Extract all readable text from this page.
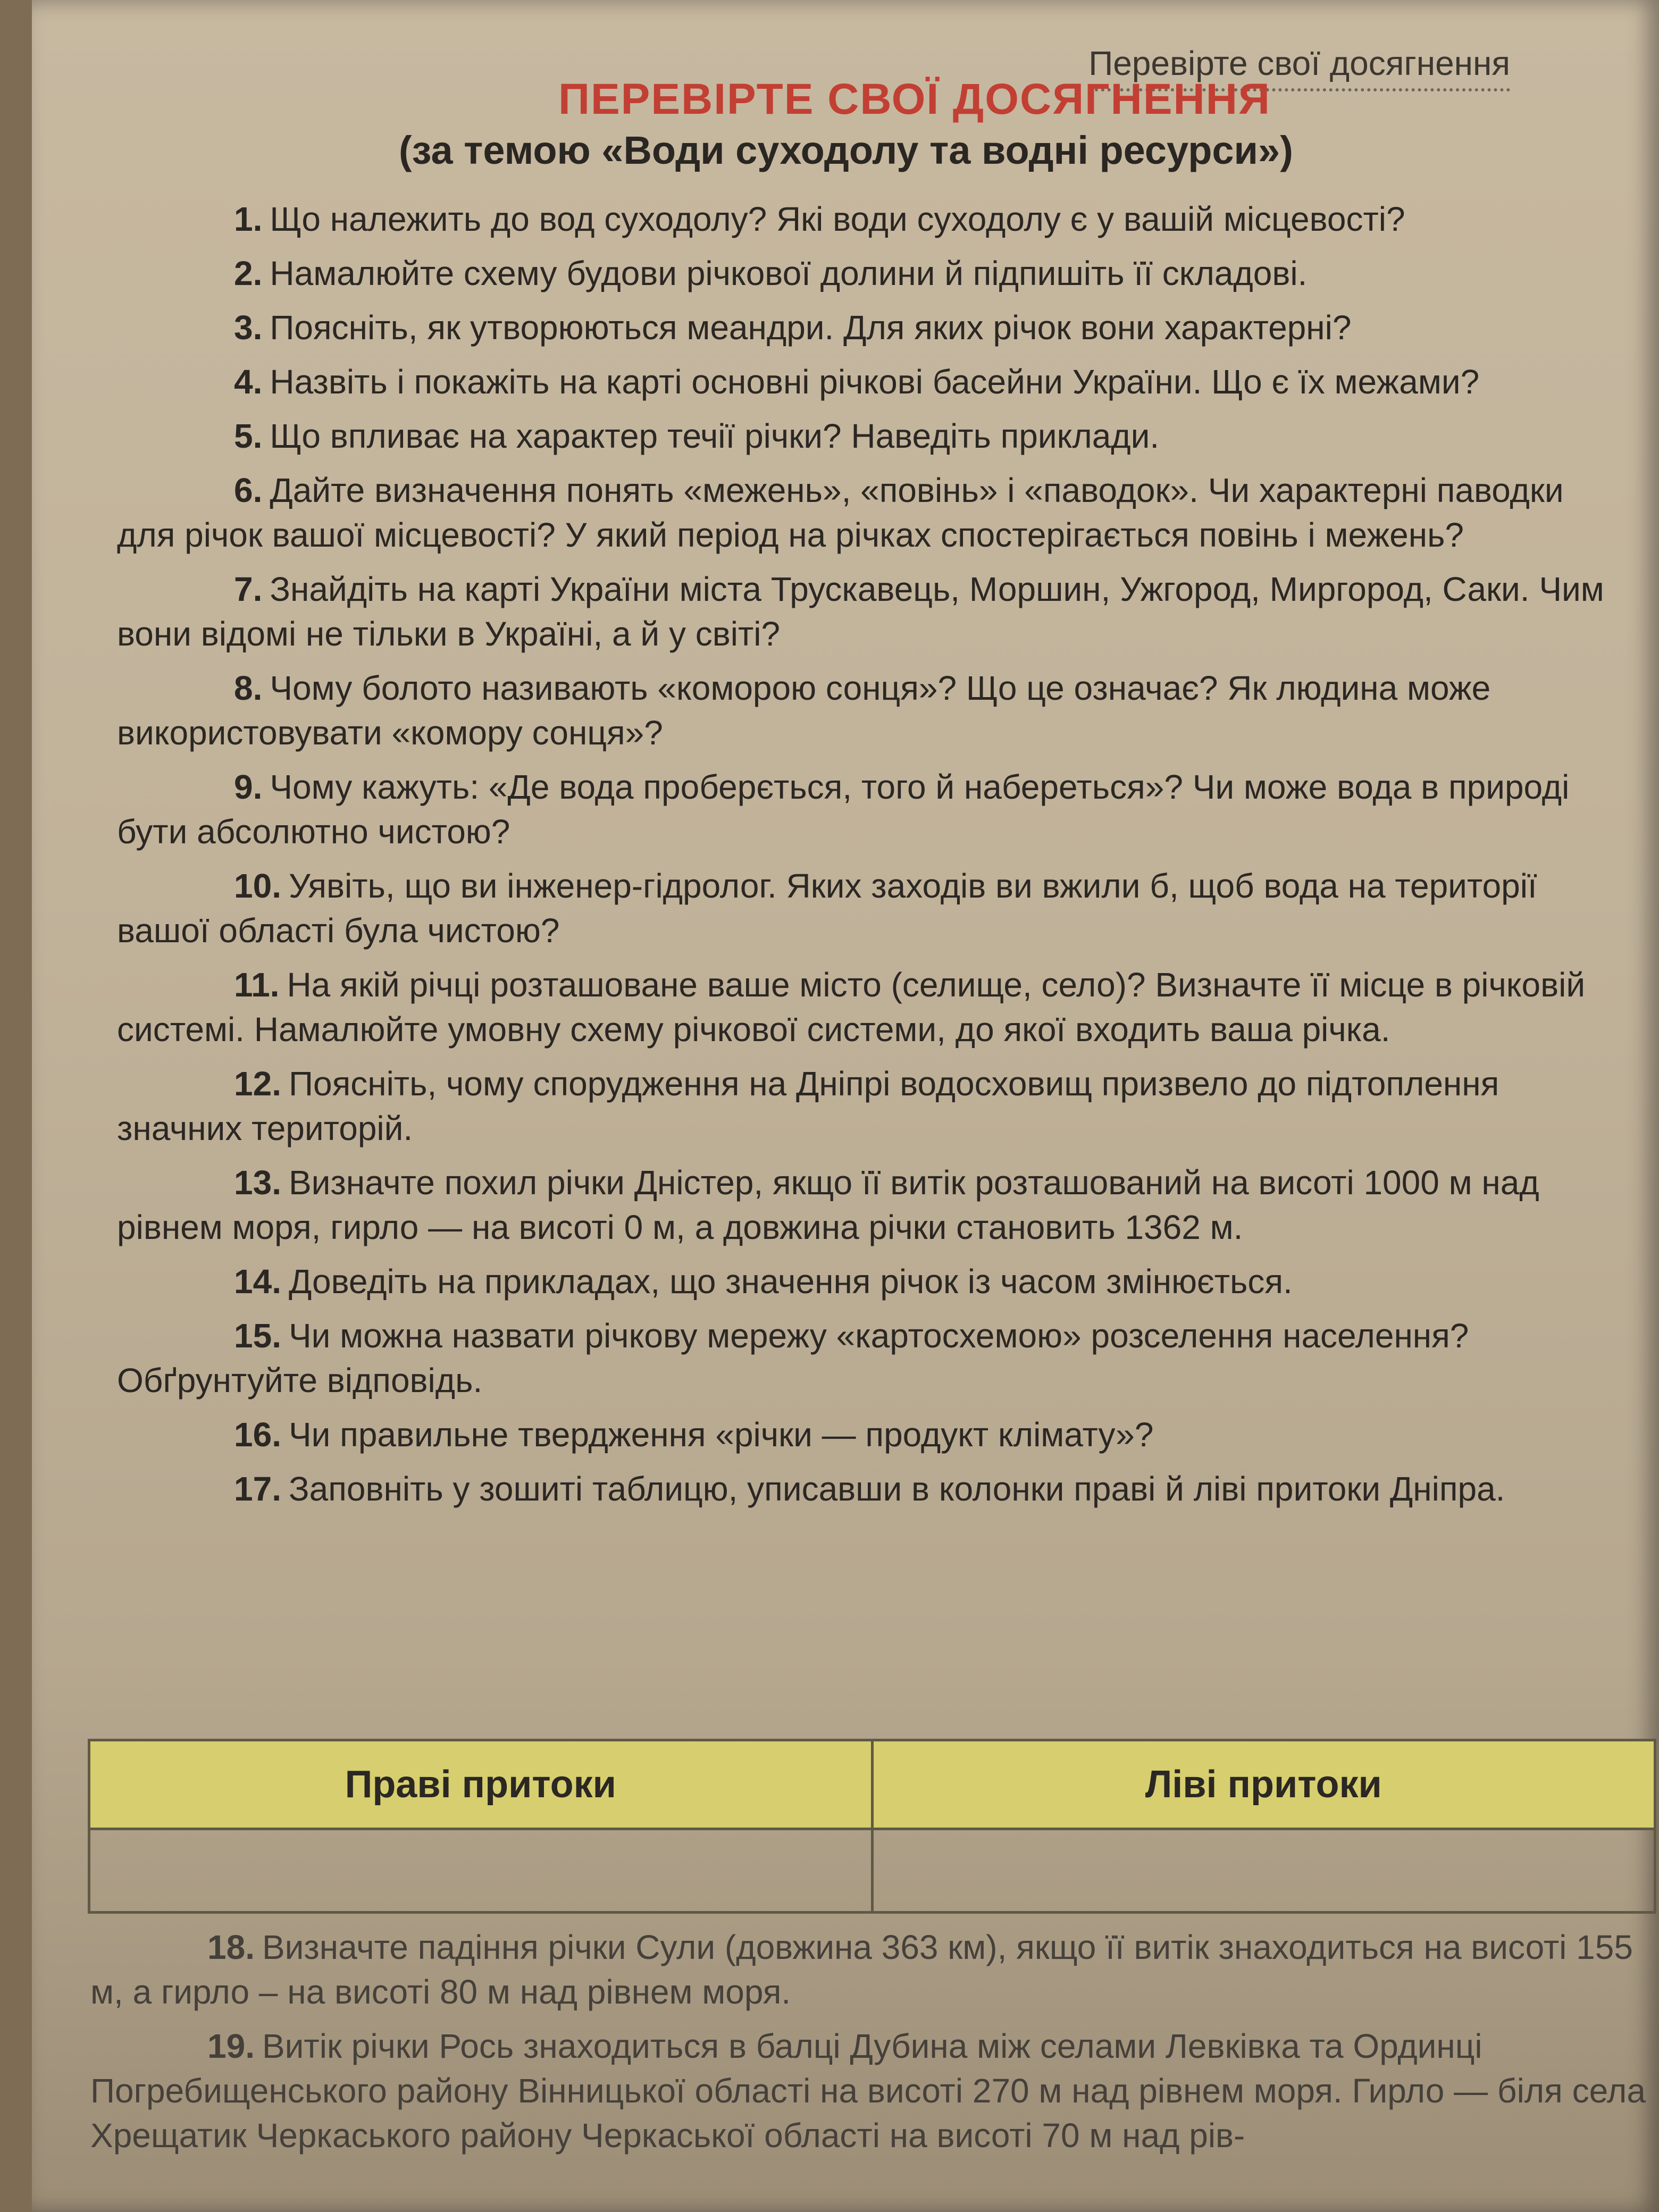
Перевірте свої досягнення
ПЕРЕВІРТЕ СВОЇ ДОСЯГНЕННЯ
(за темою «Води суходолу та водні ресурси»)

1. Що належить до вод суходолу? Які води суходолу є у вашій місцевості?

2. Намалюйте схему будови річкової долини й підпишіть її складові.

3. Поясніть, як утворюються меандри. Для яких річок вони характерні?

4. Назвіть і покажіть на карті основні річкові басейни України. Що є їх межами?

5. Що впливає на характер течії річки? Наведіть приклади.

6. Дайте визначення понять «межень», «повінь» і «паводок». Чи характерні паводки для річок вашої місцевості? У який період на річках спостерігається повінь і межень?

7. Знайдіть на карті України міста Трускавець, Моршин, Ужгород, Миргород, Саки. Чим вони відомі не тільки в Україні, а й у світі?

8. Чому болото називають «коморою сонця»? Що це означає? Як людина може використовувати «комору сонця»?

9. Чому кажуть: «Де вода проберється, того й набереться»? Чи може вода в природі бути абсолютно чистою?

10. Уявіть, що ви інженер-гідролог. Яких заходів ви вжили б, щоб вода на території вашої області була чистою?

11. На якій річці розташоване ваше місто (селище, село)? Визначте її місце в річковій системі. Намалюйте умовну схему річкової системи, до якої входить ваша річка.

12. Поясніть, чому спорудження на Дніпрі водосховищ призвело до підтоплення значних територій.

13. Визначте похил річки Дністер, якщо її витік розташований на висоті 1000 м над рівнем моря, гирло — на висоті 0 м, а довжина річки становить 1362 м.

14. Доведіть на прикладах, що значення річок із часом змінюється.

15. Чи можна назвати річкову мережу «картосхемою» розселення населення? Обґрунтуйте відповідь.

16. Чи правильне твердження «річки — продукт клімату»?

17. Заповніть у зошиті таблицю, уписавши в колонки праві й ліві притоки Дніпра.

Праві притоки	Ліві притоки

18. Визначте падіння річки Сули (довжина 363 км), якщо її витік знаходиться на висоті 155 м, а гирло – на висоті 80 м над рівнем моря.

19. Витік річки Рось знаходиться в балці Дубина між селами Левківка та Ординці Погребищенського району Вінницької області на висоті 270 м над рівнем моря. Гирло — біля села Хрещатик Черкаського району Черкаської області на висоті 70 м над рів-
